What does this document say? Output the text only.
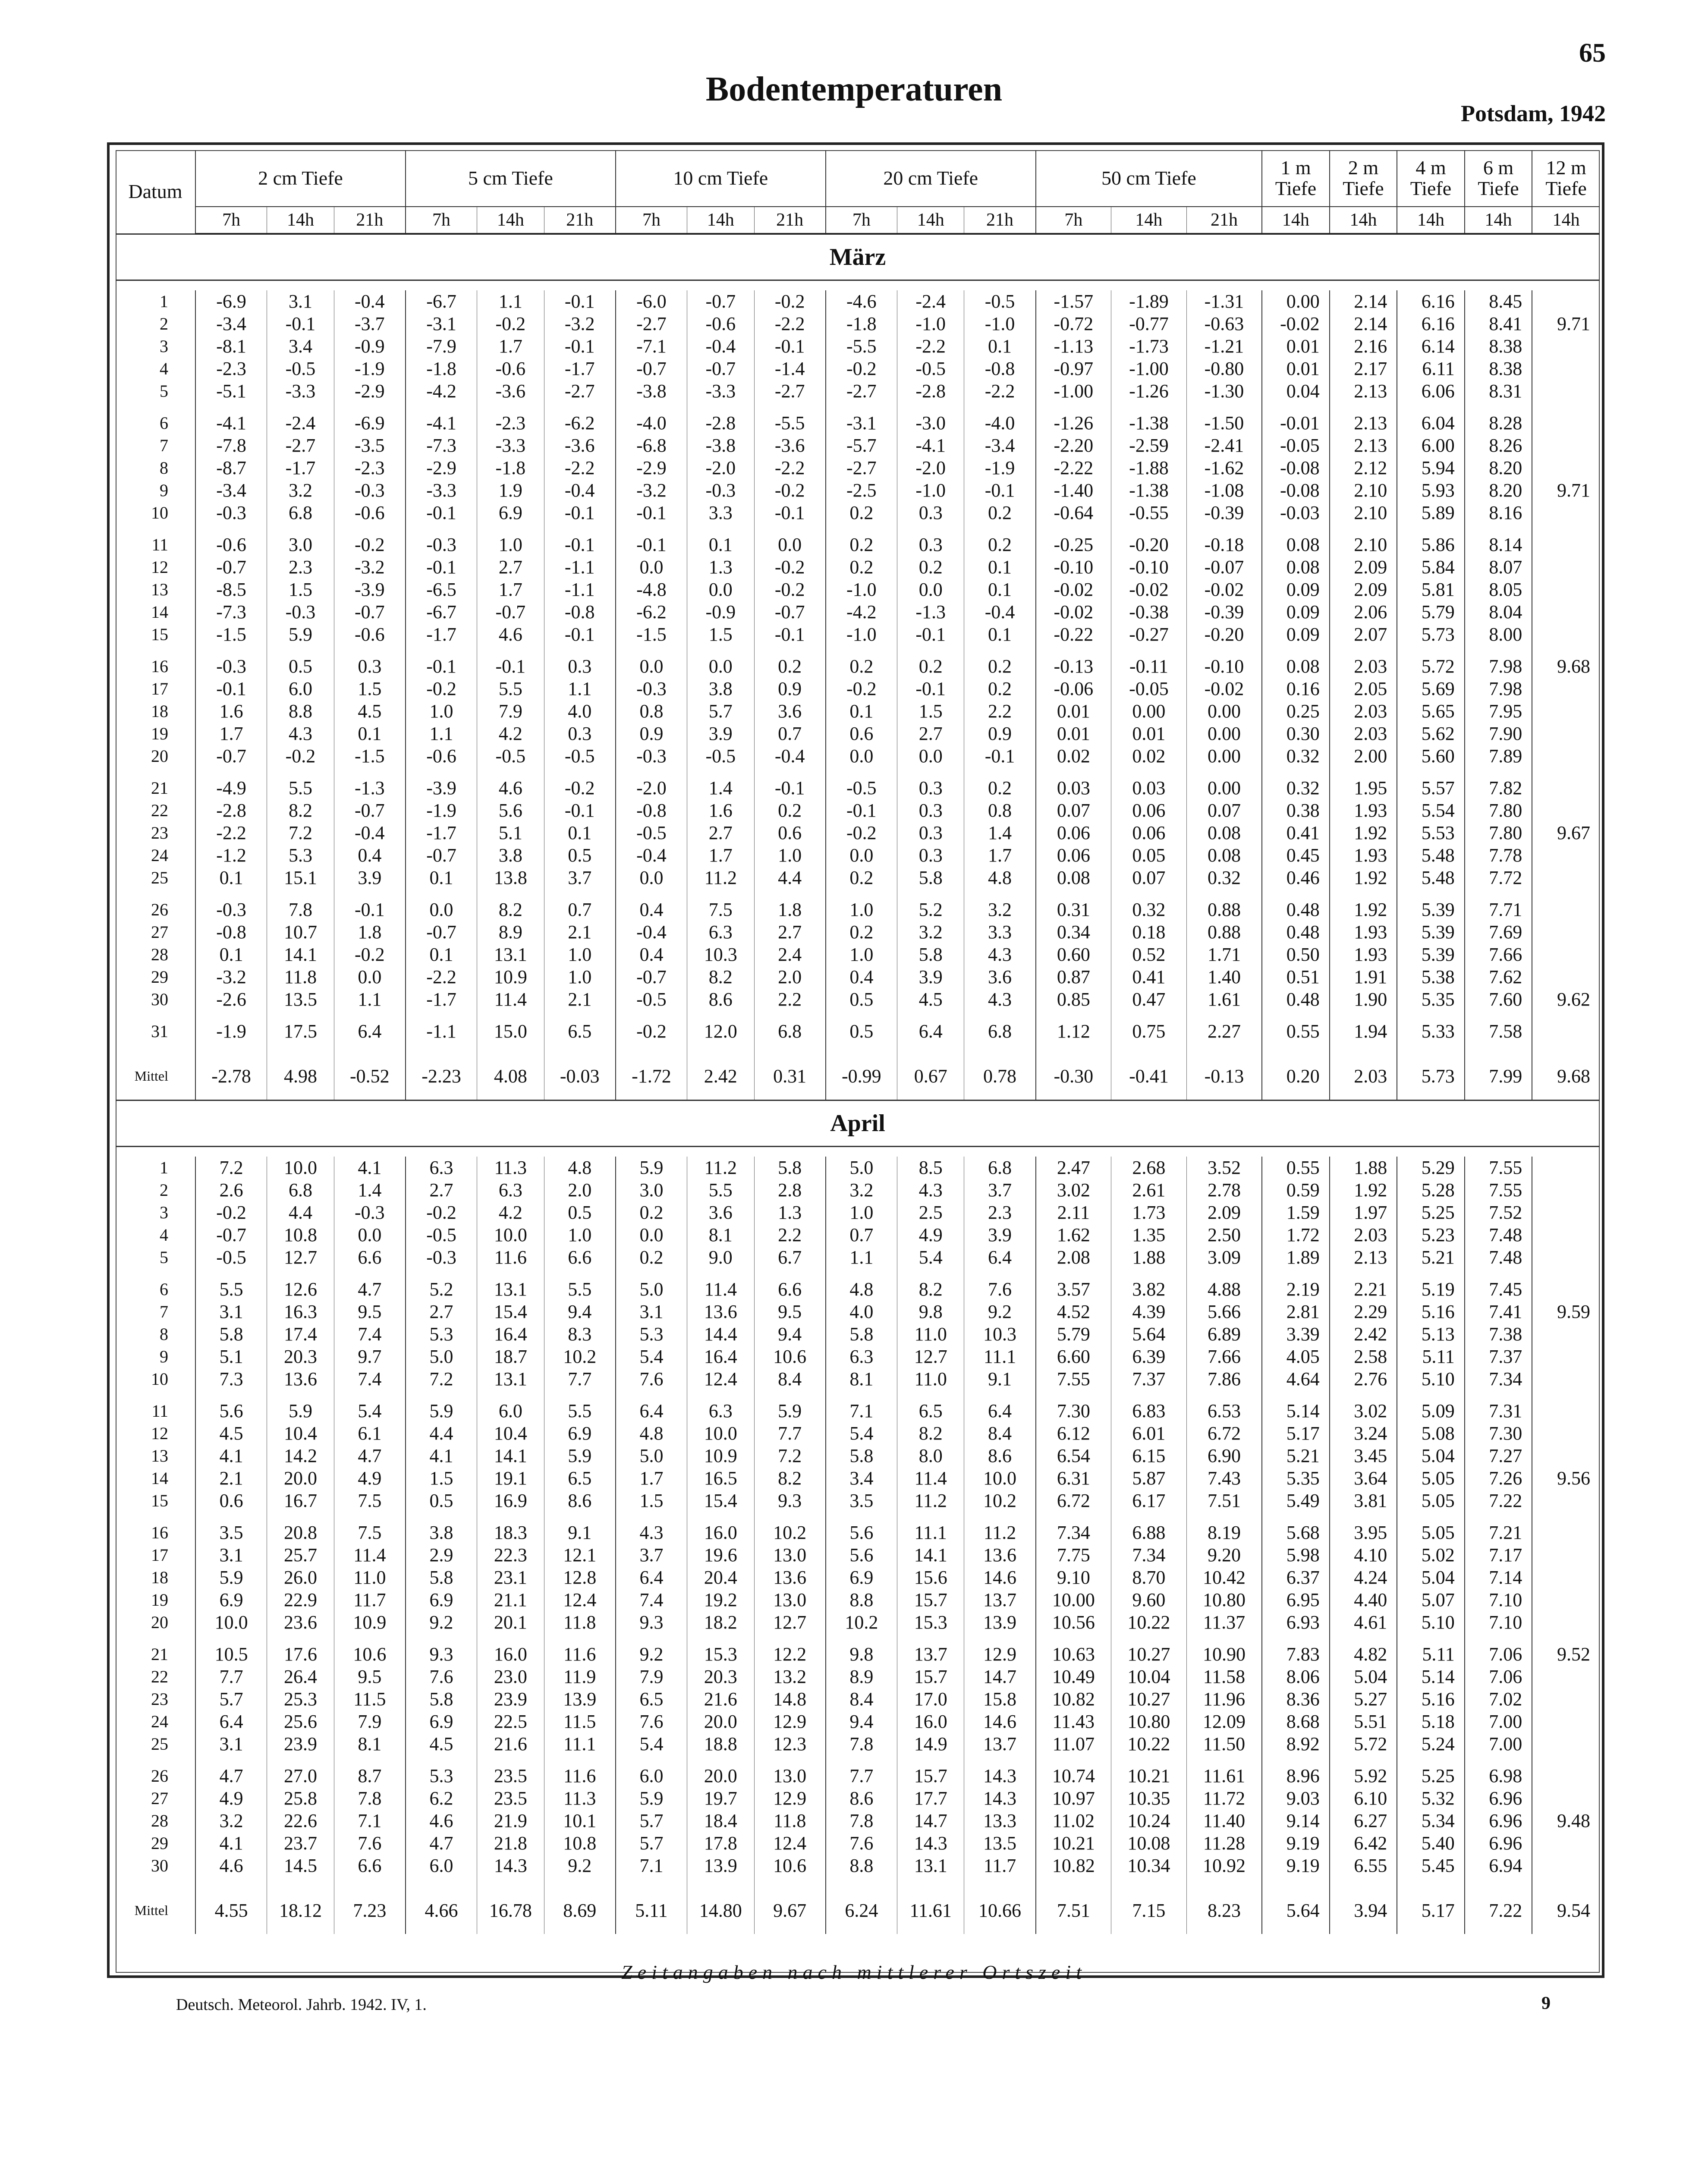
65
Bodentemperaturen
Potsdam, 1942
Datum	2 cm Tiefe			5 cm Tiefe			10 cm Tiefe			20 cm Tiefe			50 cm Tiefe			1 m Tiefe	2 m Tiefe	4 m Tiefe	6 m Tiefe	12 m Tiefe
	7h	14h	21h	7h	14h	21h	7h	14h	21h	7h	14h	21h	7h	14h	21h	14h	14h	14h	14h	14h
März																				

1	-6.9	3.1	-0.4	-6.7	1.1	-0.1	-6.0	-0.7	-0.2	-4.6	-2.4	-0.5	-1.57	-1.89	-1.31	0.00	2.14	6.16	8.45	
2	-3.4	-0.1	-3.7	-3.1	-0.2	-3.2	-2.7	-0.6	-2.2	-1.8	-1.0	-1.0	-0.72	-0.77	-0.63	-0.02	2.14	6.16	8.41	9.71
3	-8.1	3.4	-0.9	-7.9	1.7	-0.1	-7.1	-0.4	-0.1	-5.5	-2.2	0.1	-1.13	-1.73	-1.21	0.01	2.16	6.14	8.38	
4	-2.3	-0.5	-1.9	-1.8	-0.6	-1.7	-0.7	-0.7	-1.4	-0.2	-0.5	-0.8	-0.97	-1.00	-0.80	0.01	2.17	6.11	8.38	
5	-5.1	-3.3	-2.9	-4.2	-3.6	-2.7	-3.8	-3.3	-2.7	-2.7	-2.8	-2.2	-1.00	-1.26	-1.30	0.04	2.13	6.06	8.31	

6	-4.1	-2.4	-6.9	-4.1	-2.3	-6.2	-4.0	-2.8	-5.5	-3.1	-3.0	-4.0	-1.26	-1.38	-1.50	-0.01	2.13	6.04	8.28	
7	-7.8	-2.7	-3.5	-7.3	-3.3	-3.6	-6.8	-3.8	-3.6	-5.7	-4.1	-3.4	-2.20	-2.59	-2.41	-0.05	2.13	6.00	8.26	
8	-8.7	-1.7	-2.3	-2.9	-1.8	-2.2	-2.9	-2.0	-2.2	-2.7	-2.0	-1.9	-2.22	-1.88	-1.62	-0.08	2.12	5.94	8.20	
9	-3.4	3.2	-0.3	-3.3	1.9	-0.4	-3.2	-0.3	-0.2	-2.5	-1.0	-0.1	-1.40	-1.38	-1.08	-0.08	2.10	5.93	8.20	9.71
10	-0.3	6.8	-0.6	-0.1	6.9	-0.1	-0.1	3.3	-0.1	0.2	0.3	0.2	-0.64	-0.55	-0.39	-0.03	2.10	5.89	8.16	

11	-0.6	3.0	-0.2	-0.3	1.0	-0.1	-0.1	0.1	0.0	0.2	0.3	0.2	-0.25	-0.20	-0.18	0.08	2.10	5.86	8.14	
12	-0.7	2.3	-3.2	-0.1	2.7	-1.1	0.0	1.3	-0.2	0.2	0.2	0.1	-0.10	-0.10	-0.07	0.08	2.09	5.84	8.07	
13	-8.5	1.5	-3.9	-6.5	1.7	-1.1	-4.8	0.0	-0.2	-1.0	0.0	0.1	-0.02	-0.02	-0.02	0.09	2.09	5.81	8.05	
14	-7.3	-0.3	-0.7	-6.7	-0.7	-0.8	-6.2	-0.9	-0.7	-4.2	-1.3	-0.4	-0.02	-0.38	-0.39	0.09	2.06	5.79	8.04	
15	-1.5	5.9	-0.6	-1.7	4.6	-0.1	-1.5	1.5	-0.1	-1.0	-0.1	0.1	-0.22	-0.27	-0.20	0.09	2.07	5.73	8.00	

16	-0.3	0.5	0.3	-0.1	-0.1	0.3	0.0	0.0	0.2	0.2	0.2	0.2	-0.13	-0.11	-0.10	0.08	2.03	5.72	7.98	9.68
17	-0.1	6.0	1.5	-0.2	5.5	1.1	-0.3	3.8	0.9	-0.2	-0.1	0.2	-0.06	-0.05	-0.02	0.16	2.05	5.69	7.98	
18	1.6	8.8	4.5	1.0	7.9	4.0	0.8	5.7	3.6	0.1	1.5	2.2	0.01	0.00	0.00	0.25	2.03	5.65	7.95	
19	1.7	4.3	0.1	1.1	4.2	0.3	0.9	3.9	0.7	0.6	2.7	0.9	0.01	0.01	0.00	0.30	2.03	5.62	7.90	
20	-0.7	-0.2	-1.5	-0.6	-0.5	-0.5	-0.3	-0.5	-0.4	0.0	0.0	-0.1	0.02	0.02	0.00	0.32	2.00	5.60	7.89	

21	-4.9	5.5	-1.3	-3.9	4.6	-0.2	-2.0	1.4	-0.1	-0.5	0.3	0.2	0.03	0.03	0.00	0.32	1.95	5.57	7.82	
22	-2.8	8.2	-0.7	-1.9	5.6	-0.1	-0.8	1.6	0.2	-0.1	0.3	0.8	0.07	0.06	0.07	0.38	1.93	5.54	7.80	
23	-2.2	7.2	-0.4	-1.7	5.1	0.1	-0.5	2.7	0.6	-0.2	0.3	1.4	0.06	0.06	0.08	0.41	1.92	5.53	7.80	9.67
24	-1.2	5.3	0.4	-0.7	3.8	0.5	-0.4	1.7	1.0	0.0	0.3	1.7	0.06	0.05	0.08	0.45	1.93	5.48	7.78	
25	0.1	15.1	3.9	0.1	13.8	3.7	0.0	11.2	4.4	0.2	5.8	4.8	0.08	0.07	0.32	0.46	1.92	5.48	7.72	

26	-0.3	7.8	-0.1	0.0	8.2	0.7	0.4	7.5	1.8	1.0	5.2	3.2	0.31	0.32	0.88	0.48	1.92	5.39	7.71	
27	-0.8	10.7	1.8	-0.7	8.9	2.1	-0.4	6.3	2.7	0.2	3.2	3.3	0.34	0.18	0.88	0.48	1.93	5.39	7.69	
28	0.1	14.1	-0.2	0.1	13.1	1.0	0.4	10.3	2.4	1.0	5.8	4.3	0.60	0.52	1.71	0.50	1.93	5.39	7.66	
29	-3.2	11.8	0.0	-2.2	10.9	1.0	-0.7	8.2	2.0	0.4	3.9	3.6	0.87	0.41	1.40	0.51	1.91	5.38	7.62	
30	-2.6	13.5	1.1	-1.7	11.4	2.1	-0.5	8.6	2.2	0.5	4.5	4.3	0.85	0.47	1.61	0.48	1.90	5.35	7.60	9.62

31	-1.9	17.5	6.4	-1.1	15.0	6.5	-0.2	12.0	6.8	0.5	6.4	6.8	1.12	0.75	2.27	0.55	1.94	5.33	7.58	

Mittel	-2.78	4.98	-0.52	-2.23	4.08	-0.03	-1.72	2.42	0.31	-0.99	0.67	0.78	-0.30	-0.41	-0.13	0.20	2.03	5.73	7.99	9.68
April																				

1	7.2	10.0	4.1	6.3	11.3	4.8	5.9	11.2	5.8	5.0	8.5	6.8	2.47	2.68	3.52	0.55	1.88	5.29	7.55	
2	2.6	6.8	1.4	2.7	6.3	2.0	3.0	5.5	2.8	3.2	4.3	3.7	3.02	2.61	2.78	0.59	1.92	5.28	7.55	
3	-0.2	4.4	-0.3	-0.2	4.2	0.5	0.2	3.6	1.3	1.0	2.5	2.3	2.11	1.73	2.09	1.59	1.97	5.25	7.52	
4	-0.7	10.8	0.0	-0.5	10.0	1.0	0.0	8.1	2.2	0.7	4.9	3.9	1.62	1.35	2.50	1.72	2.03	5.23	7.48	
5	-0.5	12.7	6.6	-0.3	11.6	6.6	0.2	9.0	6.7	1.1	5.4	6.4	2.08	1.88	3.09	1.89	2.13	5.21	7.48	

6	5.5	12.6	4.7	5.2	13.1	5.5	5.0	11.4	6.6	4.8	8.2	7.6	3.57	3.82	4.88	2.19	2.21	5.19	7.45	
7	3.1	16.3	9.5	2.7	15.4	9.4	3.1	13.6	9.5	4.0	9.8	9.2	4.52	4.39	5.66	2.81	2.29	5.16	7.41	9.59
8	5.8	17.4	7.4	5.3	16.4	8.3	5.3	14.4	9.4	5.8	11.0	10.3	5.79	5.64	6.89	3.39	2.42	5.13	7.38	
9	5.1	20.3	9.7	5.0	18.7	10.2	5.4	16.4	10.6	6.3	12.7	11.1	6.60	6.39	7.66	4.05	2.58	5.11	7.37	
10	7.3	13.6	7.4	7.2	13.1	7.7	7.6	12.4	8.4	8.1	11.0	9.1	7.55	7.37	7.86	4.64	2.76	5.10	7.34	

11	5.6	5.9	5.4	5.9	6.0	5.5	6.4	6.3	5.9	7.1	6.5	6.4	7.30	6.83	6.53	5.14	3.02	5.09	7.31	
12	4.5	10.4	6.1	4.4	10.4	6.9	4.8	10.0	7.7	5.4	8.2	8.4	6.12	6.01	6.72	5.17	3.24	5.08	7.30	
13	4.1	14.2	4.7	4.1	14.1	5.9	5.0	10.9	7.2	5.8	8.0	8.6	6.54	6.15	6.90	5.21	3.45	5.04	7.27	
14	2.1	20.0	4.9	1.5	19.1	6.5	1.7	16.5	8.2	3.4	11.4	10.0	6.31	5.87	7.43	5.35	3.64	5.05	7.26	9.56
15	0.6	16.7	7.5	0.5	16.9	8.6	1.5	15.4	9.3	3.5	11.2	10.2	6.72	6.17	7.51	5.49	3.81	5.05	7.22	

16	3.5	20.8	7.5	3.8	18.3	9.1	4.3	16.0	10.2	5.6	11.1	11.2	7.34	6.88	8.19	5.68	3.95	5.05	7.21	
17	3.1	25.7	11.4	2.9	22.3	12.1	3.7	19.6	13.0	5.6	14.1	13.6	7.75	7.34	9.20	5.98	4.10	5.02	7.17	
18	5.9	26.0	11.0	5.8	23.1	12.8	6.4	20.4	13.6	6.9	15.6	14.6	9.10	8.70	10.42	6.37	4.24	5.04	7.14	
19	6.9	22.9	11.7	6.9	21.1	12.4	7.4	19.2	13.0	8.8	15.7	13.7	10.00	9.60	10.80	6.95	4.40	5.07	7.10	
20	10.0	23.6	10.9	9.2	20.1	11.8	9.3	18.2	12.7	10.2	15.3	13.9	10.56	10.22	11.37	6.93	4.61	5.10	7.10	

21	10.5	17.6	10.6	9.3	16.0	11.6	9.2	15.3	12.2	9.8	13.7	12.9	10.63	10.27	10.90	7.83	4.82	5.11	7.06	9.52
22	7.7	26.4	9.5	7.6	23.0	11.9	7.9	20.3	13.2	8.9	15.7	14.7	10.49	10.04	11.58	8.06	5.04	5.14	7.06	
23	5.7	25.3	11.5	5.8	23.9	13.9	6.5	21.6	14.8	8.4	17.0	15.8	10.82	10.27	11.96	8.36	5.27	5.16	7.02	
24	6.4	25.6	7.9	6.9	22.5	11.5	7.6	20.0	12.9	9.4	16.0	14.6	11.43	10.80	12.09	8.68	5.51	5.18	7.00	
25	3.1	23.9	8.1	4.5	21.6	11.1	5.4	18.8	12.3	7.8	14.9	13.7	11.07	10.22	11.50	8.92	5.72	5.24	7.00	

26	4.7	27.0	8.7	5.3	23.5	11.6	6.0	20.0	13.0	7.7	15.7	14.3	10.74	10.21	11.61	8.96	5.92	5.25	6.98	
27	4.9	25.8	7.8	6.2	23.5	11.3	5.9	19.7	12.9	8.6	17.7	14.3	10.97	10.35	11.72	9.03	6.10	5.32	6.96	
28	3.2	22.6	7.1	4.6	21.9	10.1	5.7	18.4	11.8	7.8	14.7	13.3	11.02	10.24	11.40	9.14	6.27	5.34	6.96	9.48
29	4.1	23.7	7.6	4.7	21.8	10.8	5.7	17.8	12.4	7.6	14.3	13.5	10.21	10.08	11.28	9.19	6.42	5.40	6.96	
30	4.6	14.5	6.6	6.0	14.3	9.2	7.1	13.9	10.6	8.8	13.1	11.7	10.82	10.34	10.92	9.19	6.55	5.45	6.94	

Mittel	4.55	18.12	7.23	4.66	16.78	8.69	5.11	14.80	9.67	6.24	11.61	10.66	7.51	7.15	8.23	5.64	3.94	5.17	7.22	9.54
Zeitangaben nach mittlerer Ortszeit
Deutsch. Meteorol. Jahrb. 1942. IV, 1.	9
